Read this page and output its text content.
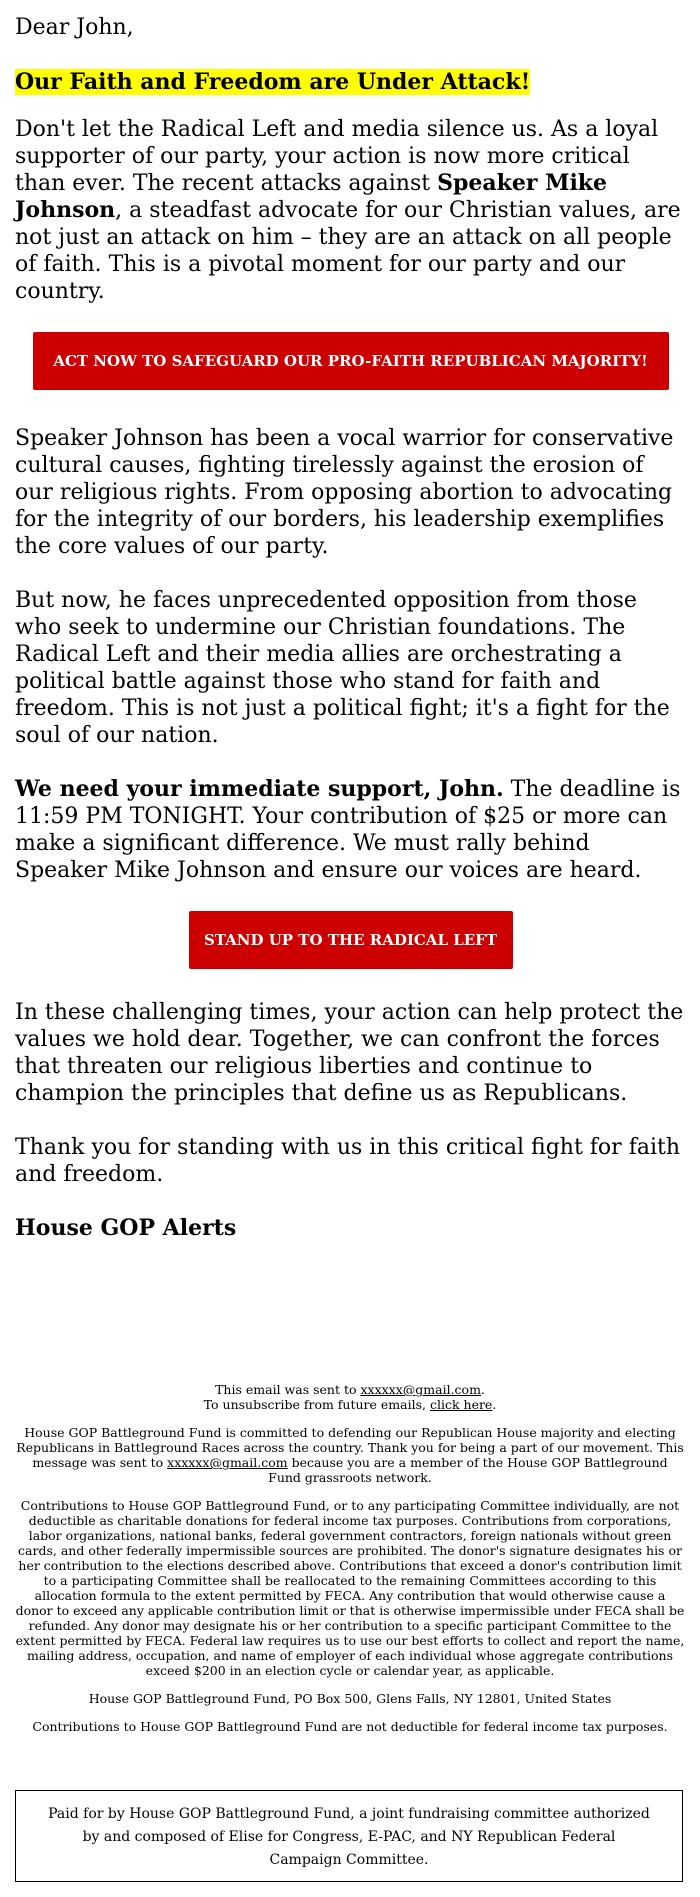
Dear John,

Our Faith and Freedom are Under Attack!

Don't let the Radical Left and media silence us. As a loyal supporter of our party, your action is now more critical than ever. The recent attacks against Speaker Mike Johnson, a steadfast advocate for our Christian values, are not just an attack on him – they are an attack on all people of faith. This is a pivotal moment for our party and our country.

ACT NOW TO SAFEGUARD OUR PRO-FAITH REPUBLICAN MAJORITY!

Speaker Johnson has been a vocal warrior for conservative cultural causes, fighting tirelessly against the erosion of our religious rights. From opposing abortion to advocating for the integrity of our borders, his leadership exemplifies the core values of our party.

But now, he faces unprecedented opposition from those who seek to undermine our Christian foundations. The Radical Left and their media allies are orchestrating a political battle against those who stand for faith and freedom. This is not just a political fight; it's a fight for the soul of our nation.

We need your immediate support, John. The deadline is 11:59 PM TONIGHT. Your contribution of $25 or more can make a significant difference. We must rally behind Speaker Mike Johnson and ensure our voices are heard.

STAND UP TO THE RADICAL LEFT

In these challenging times, your action can help protect the values we hold dear. Together, we can confront the forces that threaten our religious liberties and continue to champion the principles that define us as Republicans.

Thank you for standing with us in this critical fight for faith and freedom.

House GOP Alerts

This email was sent to xxxxxx@gmail.com.
To unsubscribe from future emails, click here.

House GOP Battleground Fund is committed to defending our Republican House majority and electing Republicans in Battleground Races across the country. Thank you for being a part of our movement. This message was sent to xxxxxx@gmail.com because you are a member of the House GOP Battleground Fund grassroots network.

Contributions to House GOP Battleground Fund, or to any participating Committee individually, are not deductible as charitable donations for federal income tax purposes. Contributions from corporations, labor organizations, national banks, federal government contractors, foreign nationals without green cards, and other federally impermissible sources are prohibited. The donor's signature designates his or her contribution to the elections described above. Contributions that exceed a donor's contribution limit to a participating Committee shall be reallocated to the remaining Committees according to this allocation formula to the extent permitted by FECA. Any contribution that would otherwise cause a donor to exceed any applicable contribution limit or that is otherwise impermissible under FECA shall be refunded. Any donor may designate his or her contribution to a specific participant Committee to the extent permitted by FECA. Federal law requires us to use our best efforts to collect and report the name, mailing address, occupation, and name of employer of each individual whose aggregate contributions exceed $200 in an election cycle or calendar year, as applicable.

House GOP Battleground Fund, PO Box 500, Glens Falls, NY 12801, United States

Contributions to House GOP Battleground Fund are not deductible for federal income tax purposes.

Paid for by House GOP Battleground Fund, a joint fundraising committee authorized by and composed of Elise for Congress, E-PAC, and NY Republican Federal Campaign Committee.
